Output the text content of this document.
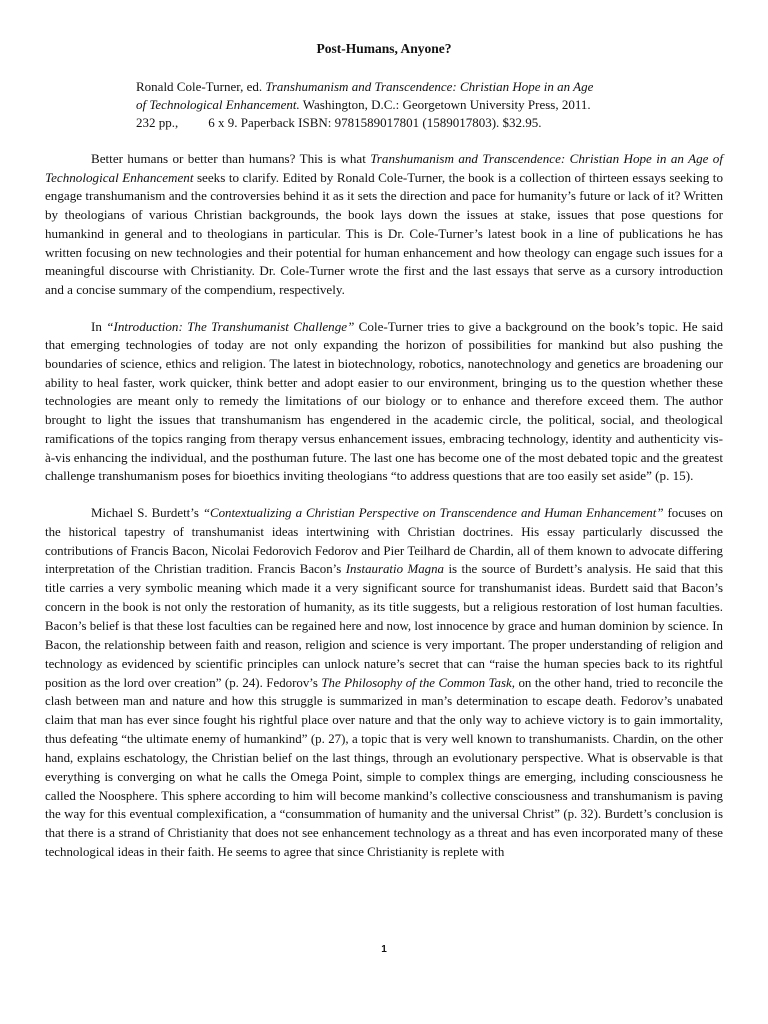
Post-Humans, Anyone?
Ronald Cole-Turner, ed. Transhumanism and Transcendence: Christian Hope in an Age
of Technological Enhancement. Washington, D.C.: Georgetown University Press, 2011.
232 pp., 6 x 9. Paperback ISBN: 9781589017801 (1589017803). $32.95.

Better humans or better than humans? This is what Transhumanism and Transcendence: Christian Hope in an Age of Technological Enhancement seeks to clarify. Edited by Ronald Cole-Turner, the book is a collection of thirteen essays seeking to engage transhumanism and the controversies behind it as it sets the direction and pace for humanity’s future or lack of it? Written by theologians of various Christian backgrounds, the book lays down the issues at stake, issues that pose questions for humankind in general and to theologians in particular. This is Dr. Cole-Turner’s latest book in a line of publications he has written focusing on new technologies and their potential for human enhancement and how theology can engage such issues for a meaningful discourse with Christianity. Dr. Cole-Turner wrote the first and the last essays that serve as a cursory introduction and a concise summary of the compendium, respectively.

In “Introduction: The Transhumanist Challenge” Cole-Turner tries to give a background on the book’s topic. He said that emerging technologies of today are not only expanding the horizon of possibilities for mankind but also pushing the boundaries of science, ethics and religion. The latest in biotechnology, robotics, nanotechnology and genetics are broadening our ability to heal faster, work quicker, think better and adopt easier to our environment, bringing us to the question whether these technologies are meant only to remedy the limitations of our biology or to enhance and therefore exceed them. The author brought to light the issues that transhumanism has engendered in the academic circle, the political, social, and theological ramifications of the topics ranging from therapy versus enhancement issues, embracing technology, identity and authenticity vis-à-vis enhancing the individual, and the posthuman future. The last one has become one of the most debated topic and the greatest challenge transhumanism poses for bioethics inviting theologians “to address questions that are too easily set aside” (p. 15).

Michael S. Burdett’s “Contextualizing a Christian Perspective on Transcendence and Human Enhancement” focuses on the historical tapestry of transhumanist ideas intertwining with Christian doctrines. His essay particularly discussed the contributions of Francis Bacon, Nicolai Fedorovich Fedorov and Pier Teilhard de Chardin, all of them known to advocate differing interpretation of the Christian tradition. Francis Bacon’s Instauratio Magna is the source of Burdett’s analysis. He said that this title carries a very symbolic meaning which made it a very significant source for transhumanist ideas. Burdett said that Bacon’s concern in the book is not only the restoration of humanity, as its title suggests, but a religious restoration of lost human faculties. Bacon’s belief is that these lost faculties can be regained here and now, lost innocence by grace and human dominion by science. In Bacon, the relationship between faith and reason, religion and science is very important. The proper understanding of religion and technology as evidenced by scientific principles can unlock nature’s secret that can “raise the human species back to its rightful position as the lord over creation” (p. 24). Fedorov’s The Philosophy of the Common Task, on the other hand, tried to reconcile the clash between man and nature and how this struggle is summarized in man’s determination to escape death. Fedorov’s unabated claim that man has ever since fought his rightful place over nature and that the only way to achieve victory is to gain immortality, thus defeating “the ultimate enemy of humankind” (p. 27), a topic that is very well known to transhumanists. Chardin, on the other hand, explains eschatology, the Christian belief on the last things, through an evolutionary perspective. What is observable is that everything is converging on what he calls the Omega Point, simple to complex things are emerging, including consciousness he called the Noosphere. This sphere according to him will become mankind’s collective consciousness and transhumanism is paving the way for this eventual complexification, a “consummation of humanity and the universal Christ” (p. 32). Burdett’s conclusion is that there is a strand of Christianity that does not see enhancement technology as a threat and has even incorporated many of these technological ideas in their faith. He seems to agree that since Christianity is replete with

1
